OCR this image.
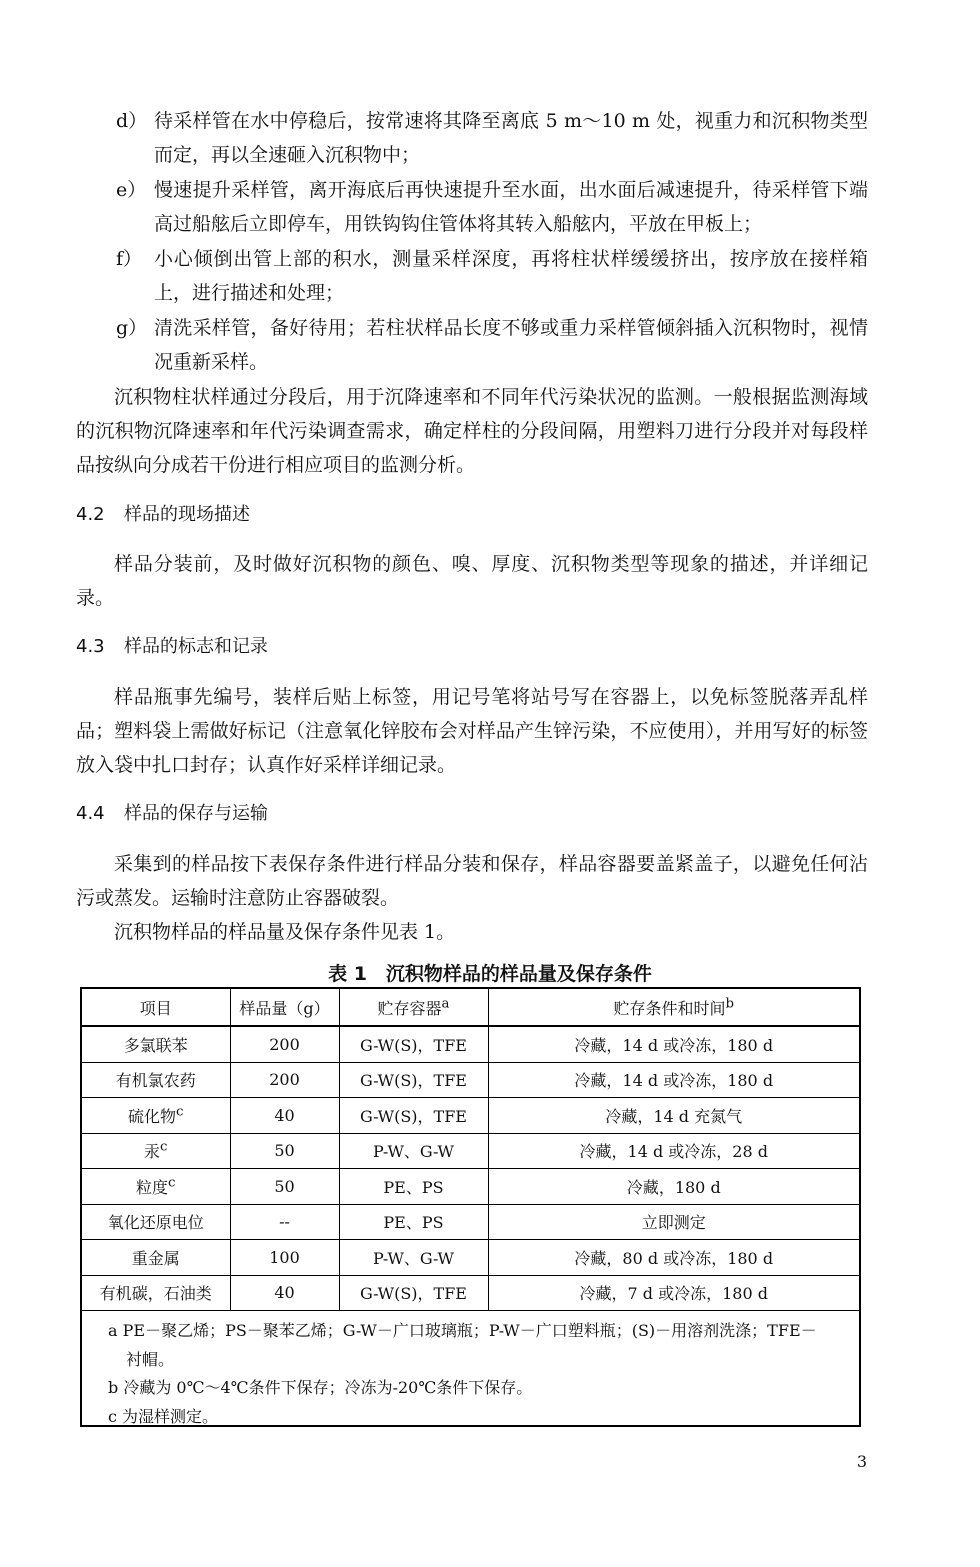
d） 待采样管在水中停稳后，按常速将其降至离底 5 m～10 m 处，视重力和沉积物类型而定，再以全速砸入沉积物中；
e） 慢速提升采样管，离开海底后再快速提升至水面，出水面后减速提升，待采样管下端高过船舷后立即停车，用铁钩钩住管体将其转入船舷内，平放在甲板上；
f） 小心倾倒出管上部的积水，测量采样深度，再将柱状样缓缓挤出，按序放在接样箱上，进行描述和处理；
g） 清洗采样管，备好待用；若柱状样品长度不够或重力采样管倾斜插入沉积物时，视情况重新采样。
沉积物柱状样通过分段后，用于沉降速率和不同年代污染状况的监测。一般根据监测海域的沉积物沉降速率和年代污染调查需求，确定样柱的分段间隔，用塑料刀进行分段并对每段样品按纵向分成若干份进行相应项目的监测分析。
4.2 样品的现场描述
样品分装前，及时做好沉积物的颜色、嗅、厚度、沉积物类型等现象的描述，并详细记录。
4.3 样品的标志和记录
样品瓶事先编号，装样后贴上标签，用记号笔将站号写在容器上，以免标签脱落弄乱样品；塑料袋上需做好标记（注意氧化锌胶布会对样品产生锌污染，不应使用），并用写好的标签放入袋中扎口封存；认真作好采样详细记录。
4.4 样品的保存与运输
采集到的样品按下表保存条件进行样品分装和保存，样品容器要盖紧盖子，以避免任何沾污或蒸发。运输时注意防止容器破裂。
沉积物样品的样品量及保存条件见表 1。
表 1　沉积物样品的样品量及保存条件
项目	样品量（g）	贮存容器$^a$	贮存条件和时间$^b$
多氯联苯	200	G-W(S)，TFE	冷藏，14 d 或冷冻，180 d
有机氯农药	200	G-W(S)，TFE	冷藏，14 d 或冷冻，180 d
硫化物$^c$	40	G-W(S)，TFE	冷藏，14 d 充氮气
汞$^c$	50	P-W、G-W	冷藏，14 d 或冷冻，28 d
粒度$^c$	50	PE、PS	冷藏，180 d
氧化还原电位	--	PE、PS	立即测定
重金属	100	P-W、G-W	冷藏，80 d 或冷冻，180 d
有机碳，石油类	40	G-W(S)，TFE	冷藏，7 d 或冷冻，180 d
a PE－聚乙烯；PS－聚苯乙烯；G-W－广口玻璃瓶；P-W－广口塑料瓶；(S)－用溶剂洗涤；TFE－
衬帽。
b 冷藏为 0℃～4℃条件下保存；冷冻为-20℃条件下保存。
c 为湿样测定。
3
